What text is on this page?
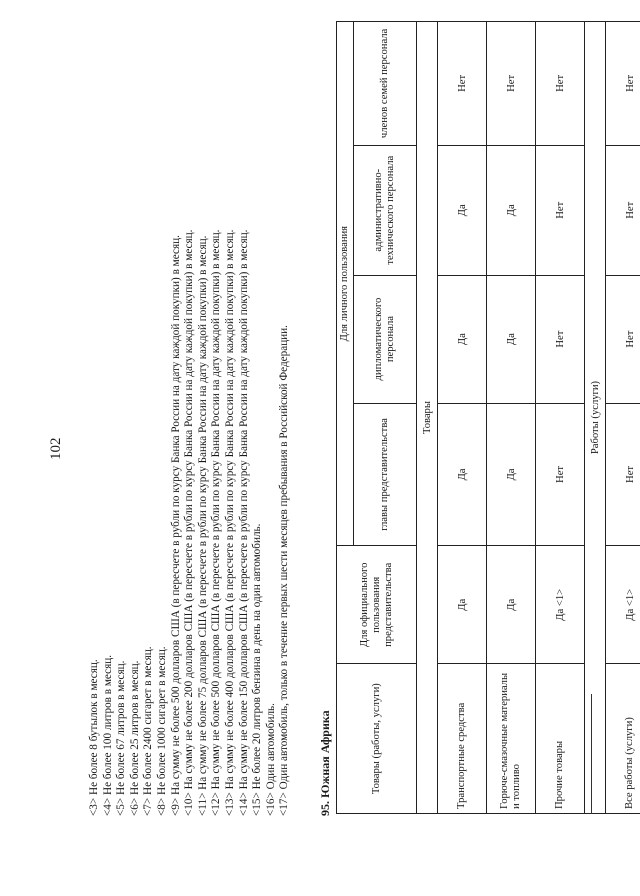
102
<3> Не более 8 бутылок в месяц. <4> Не более 100 литров в месяц. <5> Не более 67 литров в месяц. <6> Не более 25 литров в месяц. <7> Не более 2400 сигарет в месяц. <8> Не более 1000 сигарет в месяц. <9> На сумму не более 500 долларов США (в пересчете в рубли по курсу Банка России на дату каждой покупки) в месяц. <10> На сумму не более 200 долларов США (в пересчете в рубли по курсу Банка России на дату каждой покупки) в месяц. <11> На сумму не более 75 долларов США (в пересчете в рубли по курсу Банка России на дату каждой покупки) в месяц. <12> На сумму не более 500 долларов США (в пересчете в рубли по курсу Банка России на дату каждой покупки) в месяц. <13> На сумму не более 400 долларов США (в пересчете в рубли по курсу Банка России на дату каждой покупки) в месяц. <14> На сумму не более 150 долларов США (в пересчете в рубли по курсу Банка России на дату каждой покупки) в месяц. <15> Не более 20 литров бензина в день на один автомобиль. <16> Один автомобиль. <17> Один автомобиль, только в течение первых шести месяцев пребывания в Российской Федерации. 95. Южная Африка	Товары (работы, услуги)	Для официального пользования представительства	Для личного пользования			
		главы представительства	дипломатического персонала	административно-технического персонала	членов семей персонала
Товары					
Транспортные средства	Да	Да	Да	Да	Нет
Горюче-смазочные материалы и топливо	Да	Да	Да	Да	Нет
Прочие товары	Да <1>	Нет	Нет	Нет	Нет
Работы (услуги)					
Все работы (услуги)	Да <1>	Нет	Нет	Нет	Нет
